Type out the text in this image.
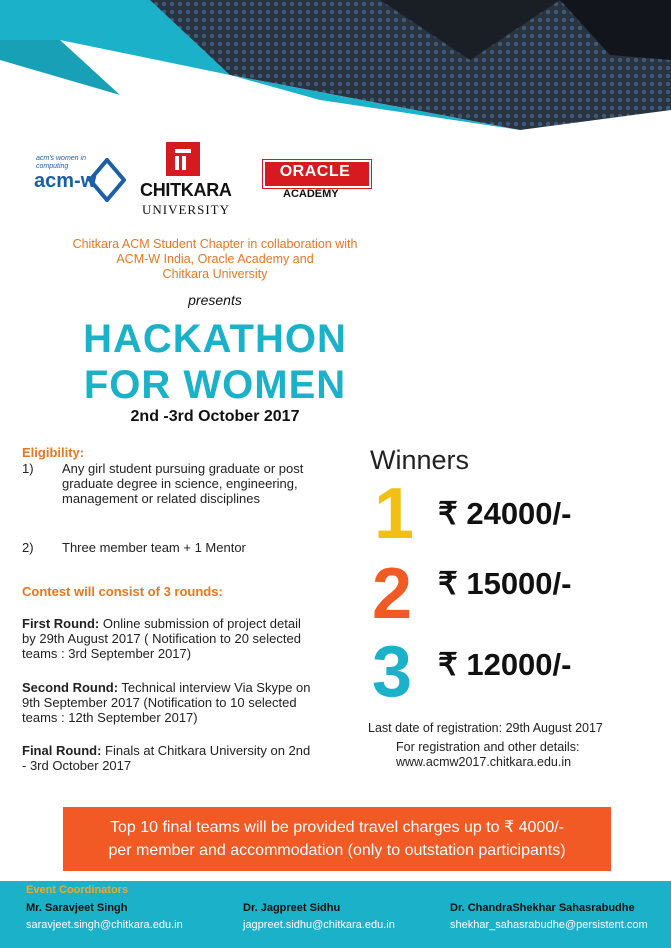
acm's women in computing
acm-w CHITKARA
UNIVERSITY
ORACLE
ACADEMY
Chitkara ACM Student Chapter in collaboration with
ACM-W India, Oracle Academy and
Chitkara University
presents
HACKATHON
FOR WOMEN
2nd -3rd October 2017
Eligibility:
1) Any girl student pursuing graduate or post graduate degree in science, engineering, management or related disciplines
2) Three member team + 1 Mentor
Contest will consist of 3 rounds:
First Round: Online submission of project detail by 29th August 2017 ( Notification to 20 selected teams : 3rd September 2017)
Second Round: Technical interview Via Skype on 9th September 2017 (Notification to 10 selected teams : 12th September 2017)
Final Round: Finals at Chitkara University on 2nd - 3rd October 2017
Winners
1 ₹ 24000/-
2 ₹ 15000/-
3 ₹ 12000/-
Last date of registration: 29th August 2017
For registration and other details:
www.acmw2017.chitkara.edu.in
Top 10 final teams will be provided travel charges up to ₹ 4000/-
per member and accommodation (only to outstation participants)
Event Coordinators
Mr. Saravjeet Singh
saravjeet.singh@chitkara.edu.in
Dr. Jagpreet Sidhu
jagpreet.sidhu@chitkara.edu.in
Dr. ChandraShekhar Sahasrabudhe
shekhar_sahasrabudhe@persistent.com
